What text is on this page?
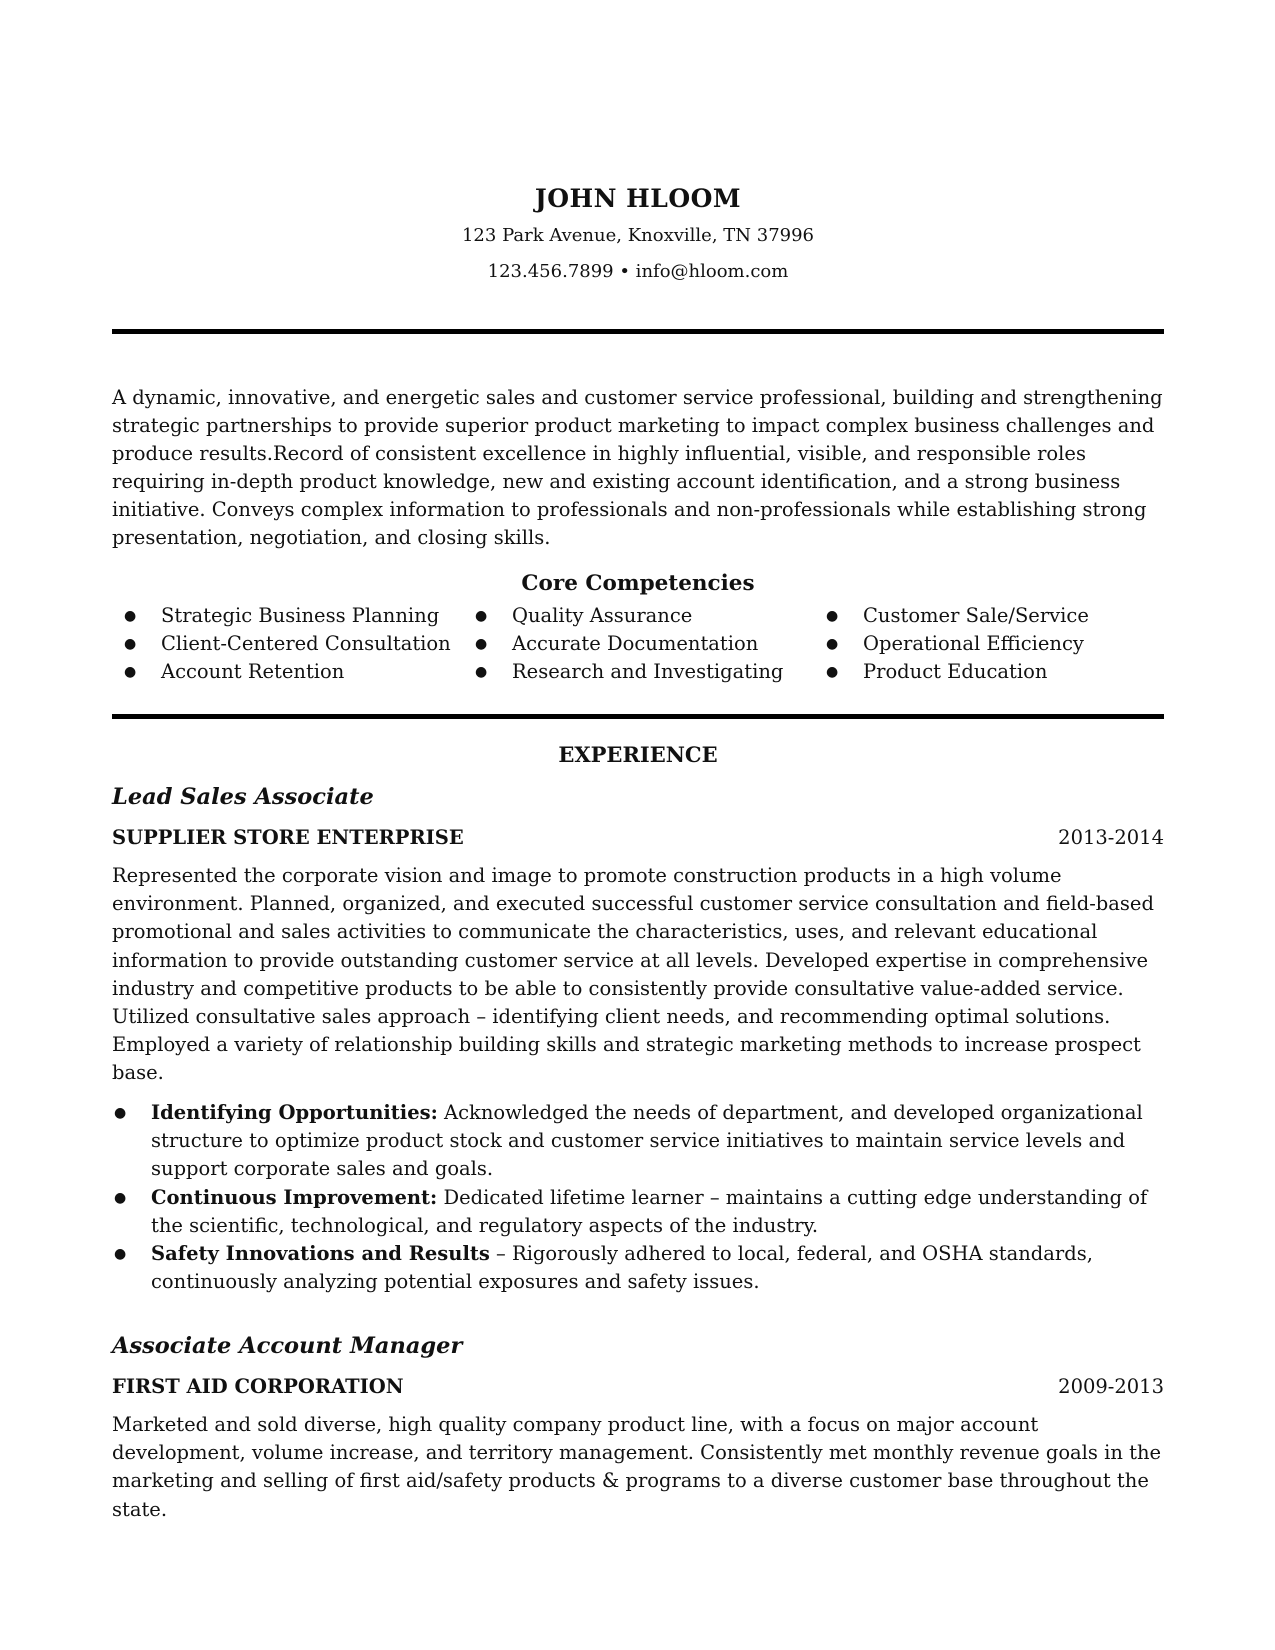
JOHN HLOOM
123 Park Avenue, Knoxville, TN 37996
123.456.7899 • info@hloom.com

A dynamic, innovative, and energetic sales and customer service professional, building and strengthening strategic partnerships to provide superior product marketing to impact complex business challenges and produce results.Record of consistent excellence in highly influential, visible, and responsible roles requiring in-depth product knowledge, new and existing account identification, and a strong business initiative. Conveys complex information to professionals and non-professionals while establishing strong presentation, negotiation, and closing skills.

Core Competencies
● Strategic Business Planning
● Client-Centered Consultation
● Account Retention
● Quality Assurance
● Accurate Documentation
● Research and Investigating
● Customer Sale/Service
● Operational Efficiency
● Product Education
EXPERIENCE
Lead Sales Associate
SUPPLIER STORE ENTERPRISE	2013-2014

Represented the corporate vision and image to promote construction products in a high volume environment. Planned, organized, and executed successful customer service consultation and field-based promotional and sales activities to communicate the characteristics, uses, and relevant educational information to provide outstanding customer service at all levels. Developed expertise in comprehensive industry and competitive products to be able to consistently provide consultative value-added service. Utilized consultative sales approach – identifying client needs, and recommending optimal solutions. Employed a variety of relationship building skills and strategic marketing methods to increase prospect base.

● Identifying Opportunities: Acknowledged the needs of department, and developed organizational structure to optimize product stock and customer service initiatives to maintain service levels and support corporate sales and goals.
● Continuous Improvement: Dedicated lifetime learner – maintains a cutting edge understanding of the scientific, technological, and regulatory aspects of the industry.
● Safety Innovations and Results – Rigorously adhered to local, federal, and OSHA standards, continuously analyzing potential exposures and safety issues.
Associate Account Manager
FIRST AID CORPORATION	2009-2013

Marketed and sold diverse, high quality company product line, with a focus on major account development, volume increase, and territory management. Consistently met monthly revenue goals in the marketing and selling of first aid/safety products & programs to a diverse customer base throughout the state.
